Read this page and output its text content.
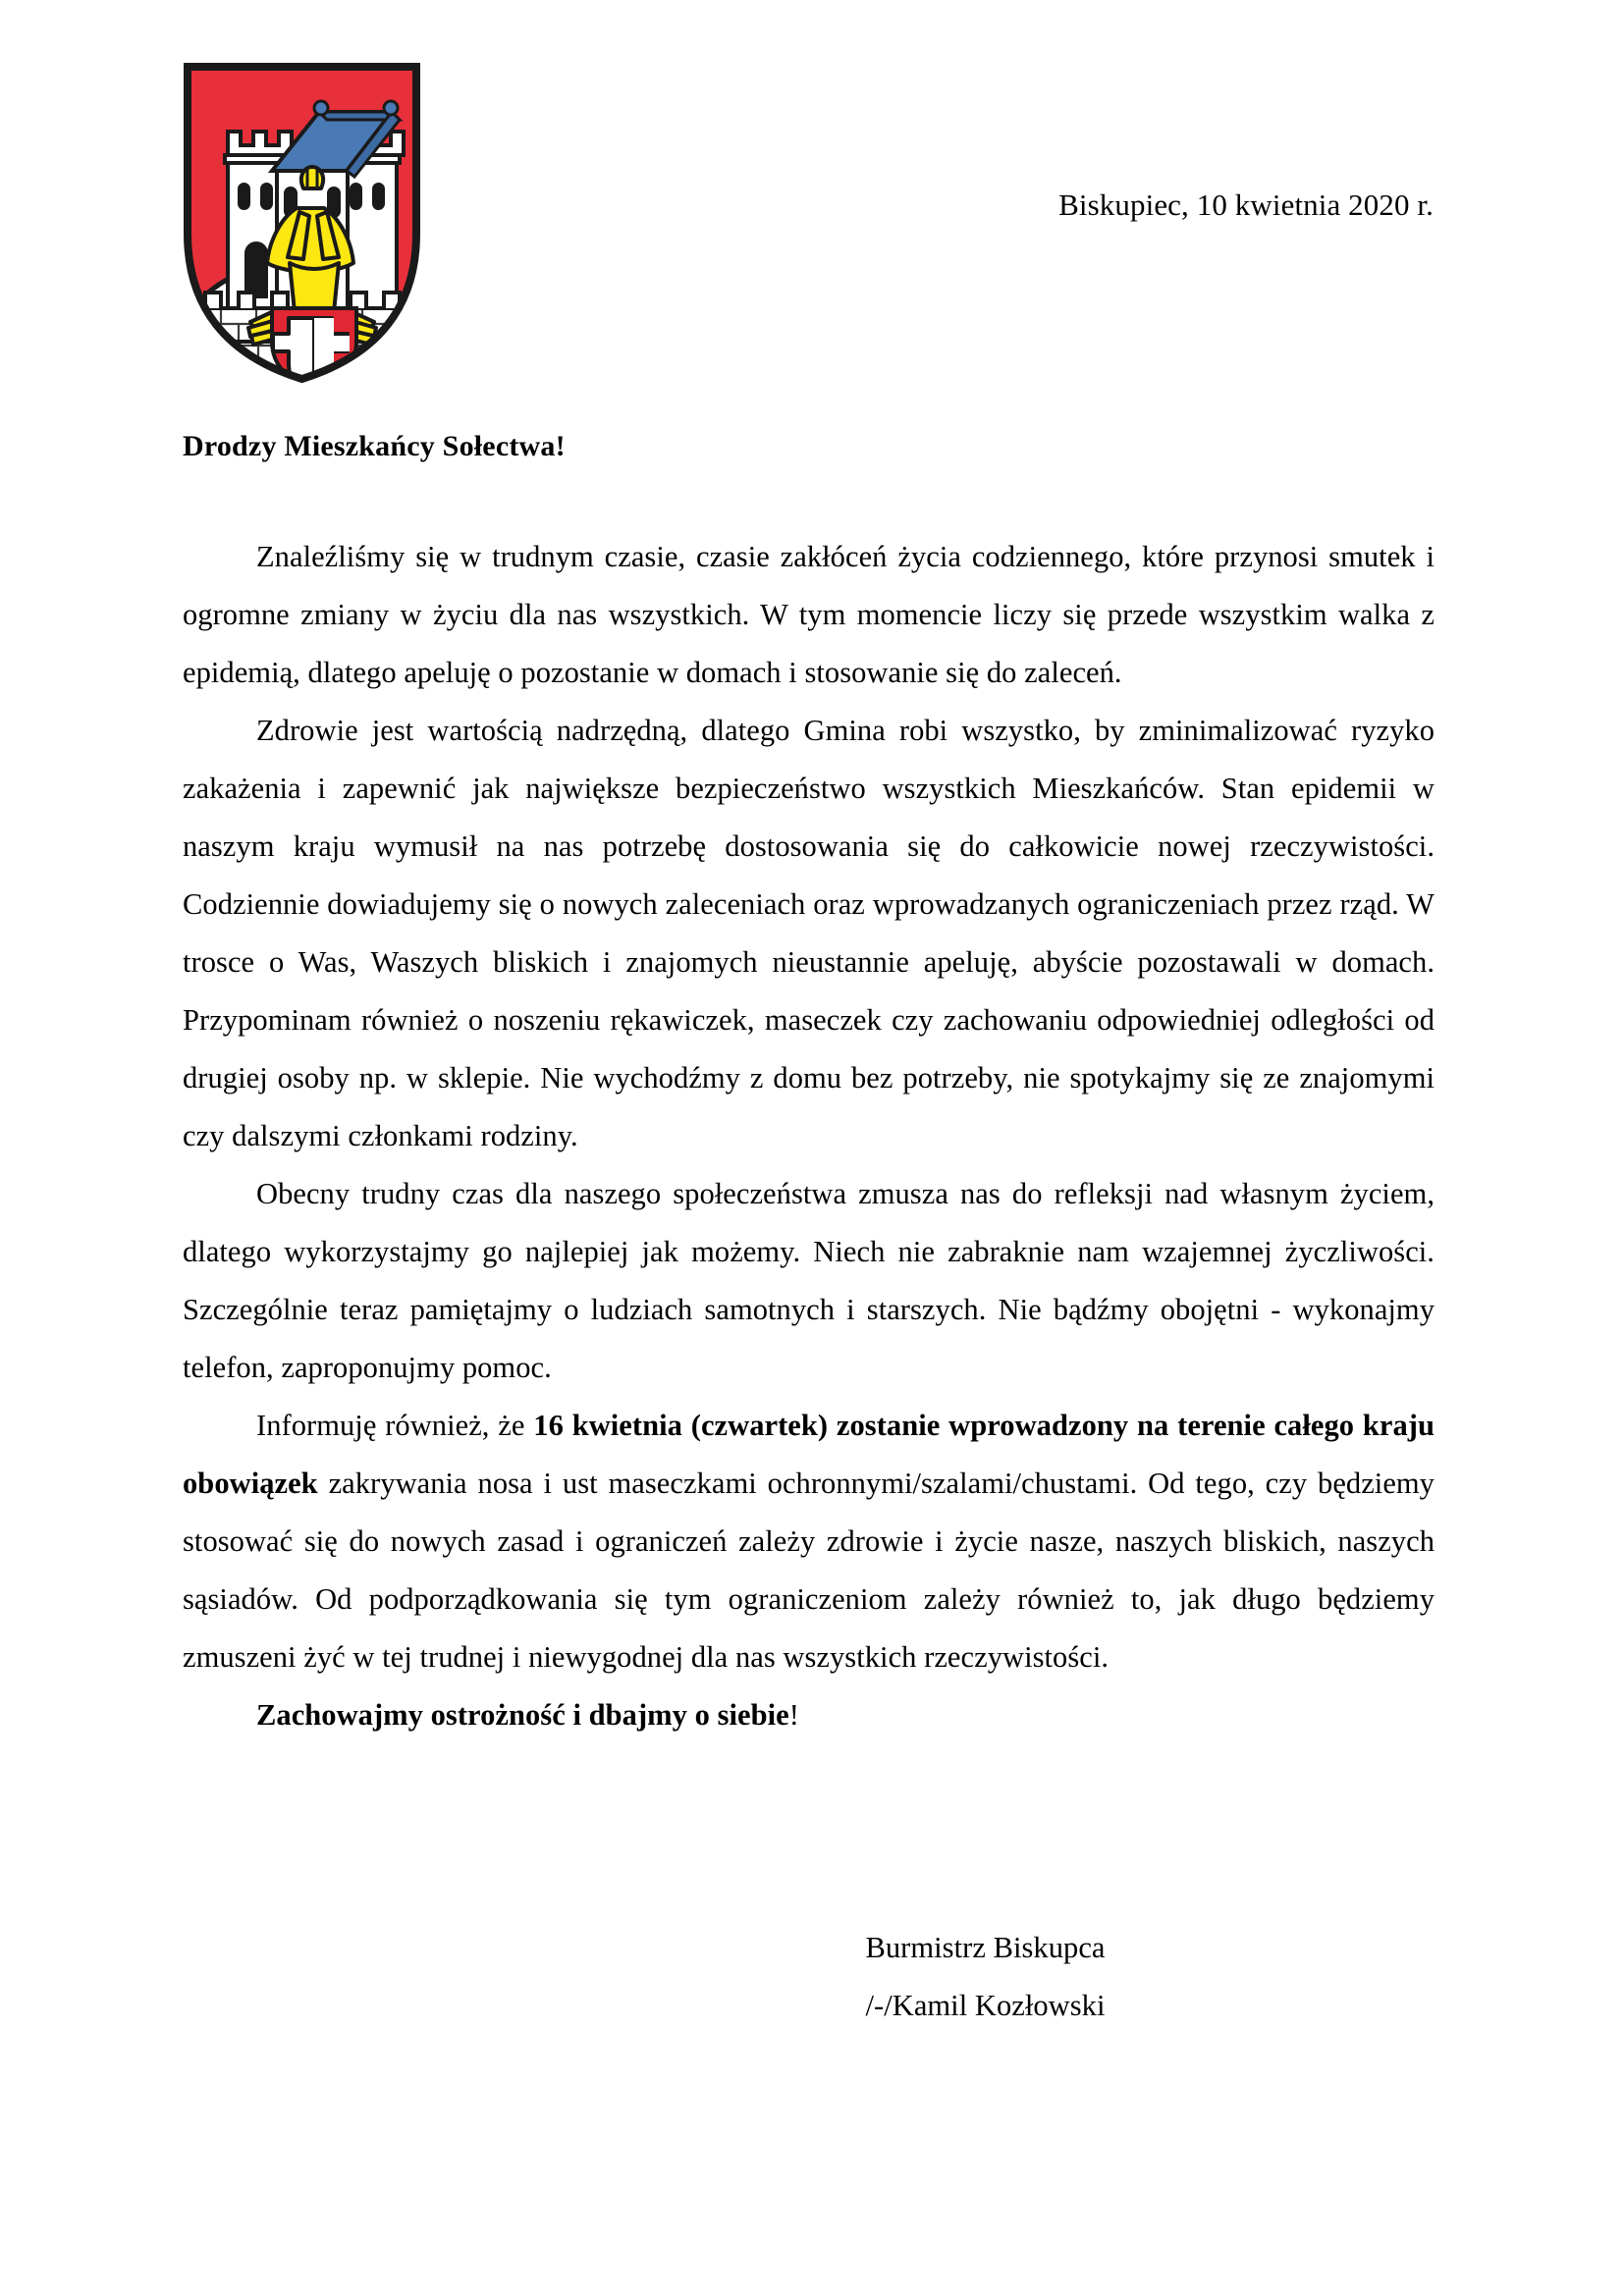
Biskupiec, 10 kwietnia 2020 r.
Drodzy Mieszkańcy Sołectwa!

Znaleźliśmy się w trudnym czasie, czasie zakłóceń życia codziennego, które przynosi smutek i ogromne zmiany w życiu dla nas wszystkich. W tym momencie liczy się przede wszystkim walka z epidemią, dlatego apeluję o pozostanie w domach i stosowanie się do zaleceń.

Zdrowie jest wartością nadrzędną, dlatego Gmina robi wszystko, by zminimalizować ryzyko zakażenia i zapewnić jak największe bezpieczeństwo wszystkich Mieszkańców. Stan epidemii w naszym kraju wymusił na nas potrzebę dostosowania się do całkowicie nowej rzeczywistości. Codziennie dowiadujemy się o nowych zaleceniach oraz wprowadzanych ograniczeniach przez rząd. W trosce o Was, Waszych bliskich i znajomych nieustannie apeluję, abyście pozostawali w domach. Przypominam również o noszeniu rękawiczek, maseczek czy zachowaniu odpowiedniej odległości od drugiej osoby np. w sklepie. Nie wychodźmy z domu bez potrzeby, nie spotykajmy się ze znajomymi czy dalszymi członkami rodziny.

Obecny trudny czas dla naszego społeczeństwa zmusza nas do refleksji nad własnym życiem, dlatego wykorzystajmy go najlepiej jak możemy. Niech nie zabraknie nam wzajemnej życzliwości. Szczególnie teraz pamiętajmy o ludziach samotnych i starszych. Nie bądźmy obojętni - wykonajmy telefon, zaproponujmy pomoc.

Informuję również, że 16 kwietnia (czwartek) zostanie wprowadzony na terenie całego kraju obowiązek zakrywania nosa i ust maseczkami ochronnymi/szalami/chustami. Od tego, czy będziemy stosować się do nowych zasad i ograniczeń zależy zdrowie i życie nasze, naszych bliskich, naszych sąsiadów. Od podporządkowania się tym ograniczeniom zależy również to, jak długo będziemy zmuszeni żyć w tej trudnej i niewygodnej dla nas wszystkich rzeczywistości.

Zachowajmy ostrożność i dbajmy o siebie!

Burmistrz Biskupca
/-/Kamil Kozłowski
